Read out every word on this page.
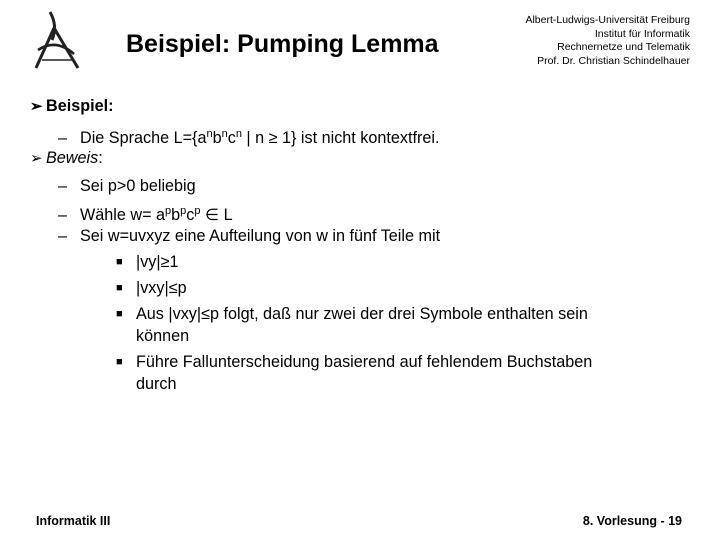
Beispiel: Pumping Lemma
Albert-Ludwigs-Universität Freiburg
Institut für Informatik
Rechnernetze und Telematik
Prof. Dr. Christian Schindelhauer
➢ Beispiel:
– Die Sprache $L=\{a^nb^nc^n$ | n ≥ 1} ist nicht kontextfrei.
➢ Beweis:
– Sei p>0 beliebig
– Wähle $w= a^pb^pc^p$ ∈ L
– Sei w=uvxyz eine Aufteilung von w in fünf Teile mit
■ |vy|≥1
■ |vxy|≤p
■ Aus |vxy|≤p folgt, daß nur zwei der drei Symbole enthalten sein
können
■ Führe Fallunterscheidung basierend auf fehlendem Buchstaben
durch
Informatik III	8. Vorlesung - 19
